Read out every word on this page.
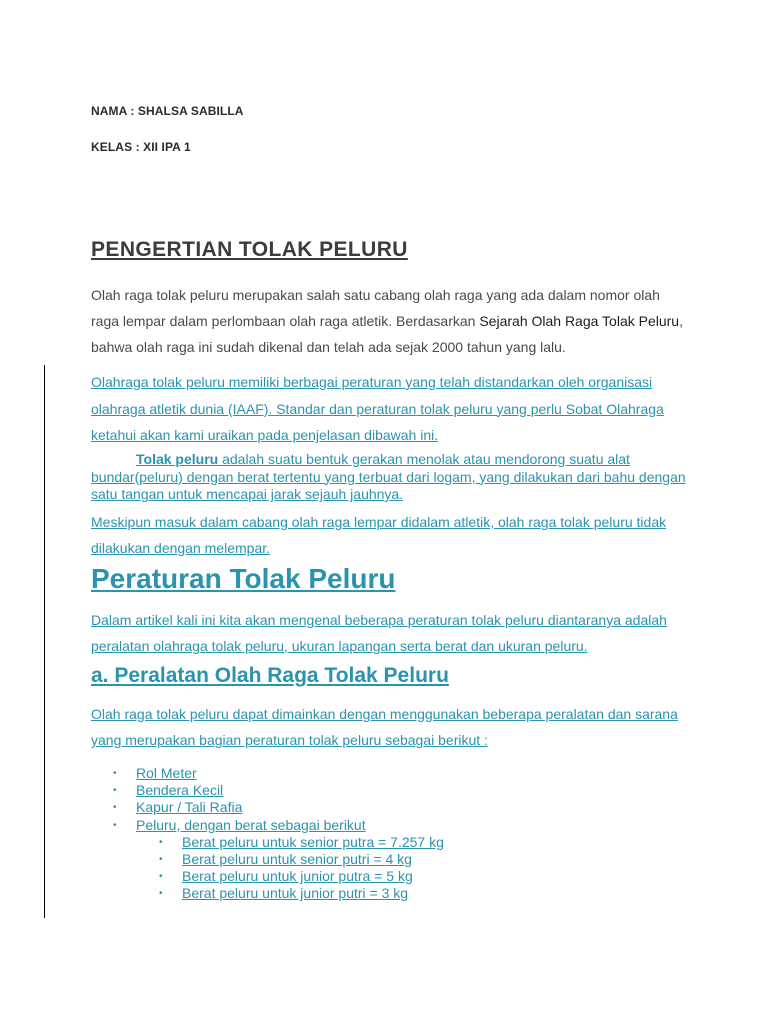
NAMA : SHALSA SABILLA

KELAS : XII IPA 1

PENGERTIAN TOLAK PELURU

Olah raga tolak peluru merupakan salah satu cabang olah raga yang ada dalam nomor olah raga lempar dalam perlombaan olah raga atletik. Berdasarkan Sejarah Olah Raga Tolak Peluru, bahwa olah raga ini sudah dikenal dan telah ada sejak 2000 tahun yang lalu.

Olahraga tolak peluru memiliki berbagai peraturan yang telah distandarkan oleh organisasi olahraga atletik dunia (IAAF). Standar dan peraturan tolak peluru yang perlu Sobat Olahraga ketahui akan kami uraikan pada penjelasan dibawah ini.

Tolak peluru adalah suatu bentuk gerakan menolak atau mendorong suatu alat bundar(peluru) dengan berat tertentu yang terbuat dari logam, yang dilakukan dari bahu dengan satu tangan untuk mencapai jarak sejauh jauhnya.

Meskipun masuk dalam cabang olah raga lempar didalam atletik, olah raga tolak peluru tidak dilakukan dengan melempar.

Peraturan Tolak Peluru

Dalam artikel kali ini kita akan mengenal beberapa peraturan tolak peluru diantaranya adalah peralatan olahraga tolak peluru, ukuran lapangan serta berat dan ukuran peluru.

a. Peralatan Olah Raga Tolak Peluru

Olah raga tolak peluru dapat dimainkan dengan menggunakan beberapa peralatan dan sarana yang merupakan bagian peraturan tolak peluru sebagai berikut :

•	Rol Meter
•	Bendera Kecil
•	Kapur / Tali Rafia
•	Peluru, dengan berat sebagai berikut
•	Berat peluru untuk senior putra = 7.257 kg
•	Berat peluru untuk senior putri = 4 kg
•	Berat peluru untuk junior putra = 5 kg
•	Berat peluru untuk junior putri = 3 kg
